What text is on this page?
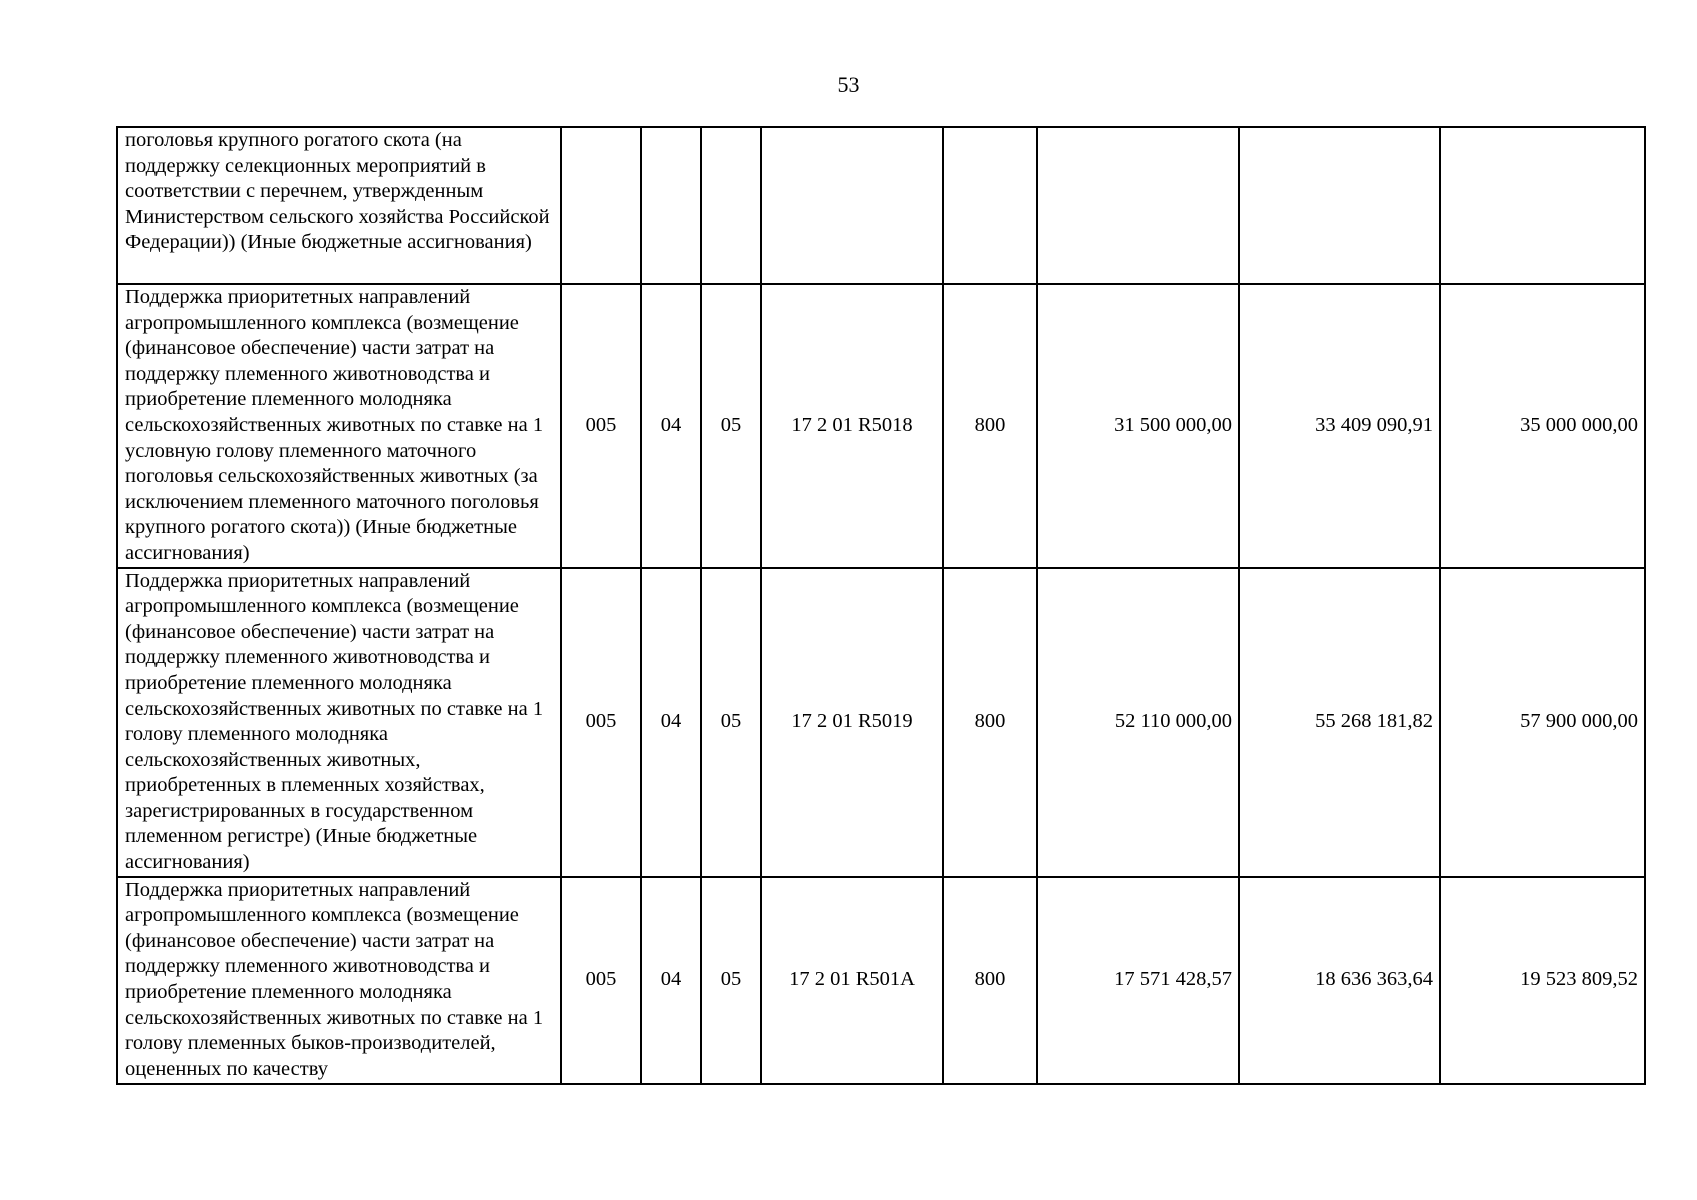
53
поголовья крупного рогатого скота (на поддержку селекционных мероприятий в соответствии с перечнем, утвержденным Министерством сельского хозяйства Российской Федерации)) (Иные бюджетные ассигнования)								
Поддержка приоритетных направлений агропромышленного комплекса (возмещение (финансовое обеспечение) части затрат на поддержку племенного животноводства и приобретение племенного молодняка сельскохозяйственных животных по ставке на 1 условную голову племенного маточного поголовья сельскохозяйственных животных (за исключением племенного маточного поголовья крупного рогатого скота)) (Иные бюджетные ассигнования)	005	04	05	17 2 01 R5018	800	31 500 000,00	33 409 090,91	35 000 000,00
Поддержка приоритетных направлений агропромышленного комплекса (возмещение (финансовое обеспечение) части затрат на поддержку племенного животноводства и приобретение племенного молодняка сельскохозяйственных животных по ставке на 1 голову племенного молодняка сельскохозяйственных животных, приобретенных в племенных хозяйствах, зарегистрированных в государственном племенном регистре) (Иные бюджетные ассигнования)	005	04	05	17 2 01 R5019	800	52 110 000,00	55 268 181,82	57 900 000,00
Поддержка приоритетных направлений агропромышленного комплекса (возмещение (финансовое обеспечение) части затрат на поддержку племенного животноводства и приобретение племенного молодняка сельскохозяйственных животных по ставке на 1 голову племенных быков-производителей, оцененных по качеству	005	04	05	17 2 01 R501A	800	17 571 428,57	18 636 363,64	19 523 809,52
